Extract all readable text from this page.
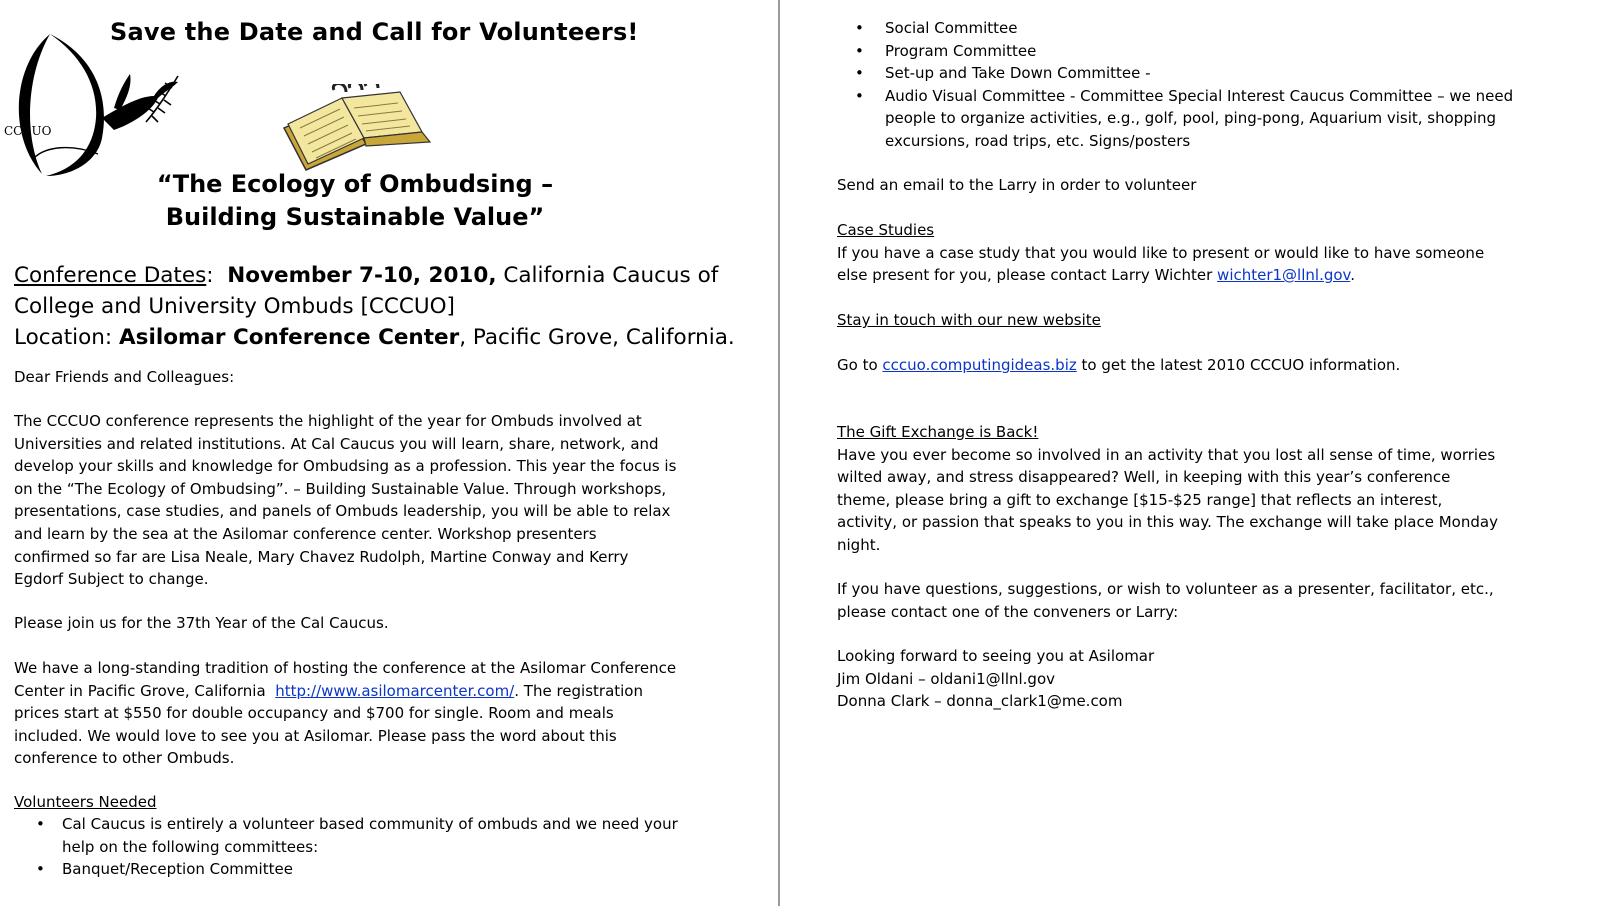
CCCUO
Save the Date and Call for Volunteers!
“The Ecology of Ombudsing –
Building Sustainable Value”
Conference Dates:  November 7-10, 2010, California Caucus of
College and University Ombuds [CCCUO]
Location: Asilomar Conference Center, Pacific Grove, California.
Dear Friends and Colleagues:
The CCCUO conference represents the highlight of the year for Ombuds involved at
Universities and related institutions. At Cal Caucus you will learn, share, network, and
develop your skills and knowledge for Ombudsing as a profession. This year the focus is
on the “The Ecology of Ombudsing”. – Building Sustainable Value. Through workshops,
presentations, case studies, and panels of Ombuds leadership, you will be able to relax
and learn by the sea at the Asilomar conference center. Workshop presenters
confirmed so far are Lisa Neale, Mary Chavez Rudolph, Martine Conway and Kerry
Egdorf Subject to change.
Please join us for the 37th Year of the Cal Caucus.
We have a long-standing tradition of hosting the conference at the Asilomar Conference
Center in Pacific Grove, California  http://www.asilomarcenter.com/. The registration
prices start at $550 for double occupancy and $700 for single. Room and meals
included. We would love to see you at Asilomar. Please pass the word about this
conference to other Ombuds.
Volunteers Needed
•	Cal Caucus is entirely a volunteer based community of ombuds and we need your
help on the following committees:
•	Banquet/Reception Committee
•	Social Committee
•	Program Committee
•	Set-up and Take Down Committee -
•	Audio Visual Committee - Committee Special Interest Caucus Committee – we need
people to organize activities, e.g., golf, pool, ping-pong, Aquarium visit, shopping
excursions, road trips, etc. Signs/posters
Send an email to the Larry in order to volunteer
Case Studies
If you have a case study that you would like to present or would like to have someone
else present for you, please contact Larry Wichter wichter1@llnl.gov.
Stay in touch with our new website
Go to cccuo.computingideas.biz to get the latest 2010 CCCUO information.
The Gift Exchange is Back!
Have you ever become so involved in an activity that you lost all sense of time, worries
wilted away, and stress disappeared? Well, in keeping with this year’s conference
theme, please bring a gift to exchange [$15-$25 range] that reflects an interest,
activity, or passion that speaks to you in this way. The exchange will take place Monday
night.
If you have questions, suggestions, or wish to volunteer as a presenter, facilitator, etc.,
please contact one of the conveners or Larry:
Looking forward to seeing you at Asilomar
Jim Oldani – oldani1@llnl.gov
Donna Clark – donna_clark1@me.com
